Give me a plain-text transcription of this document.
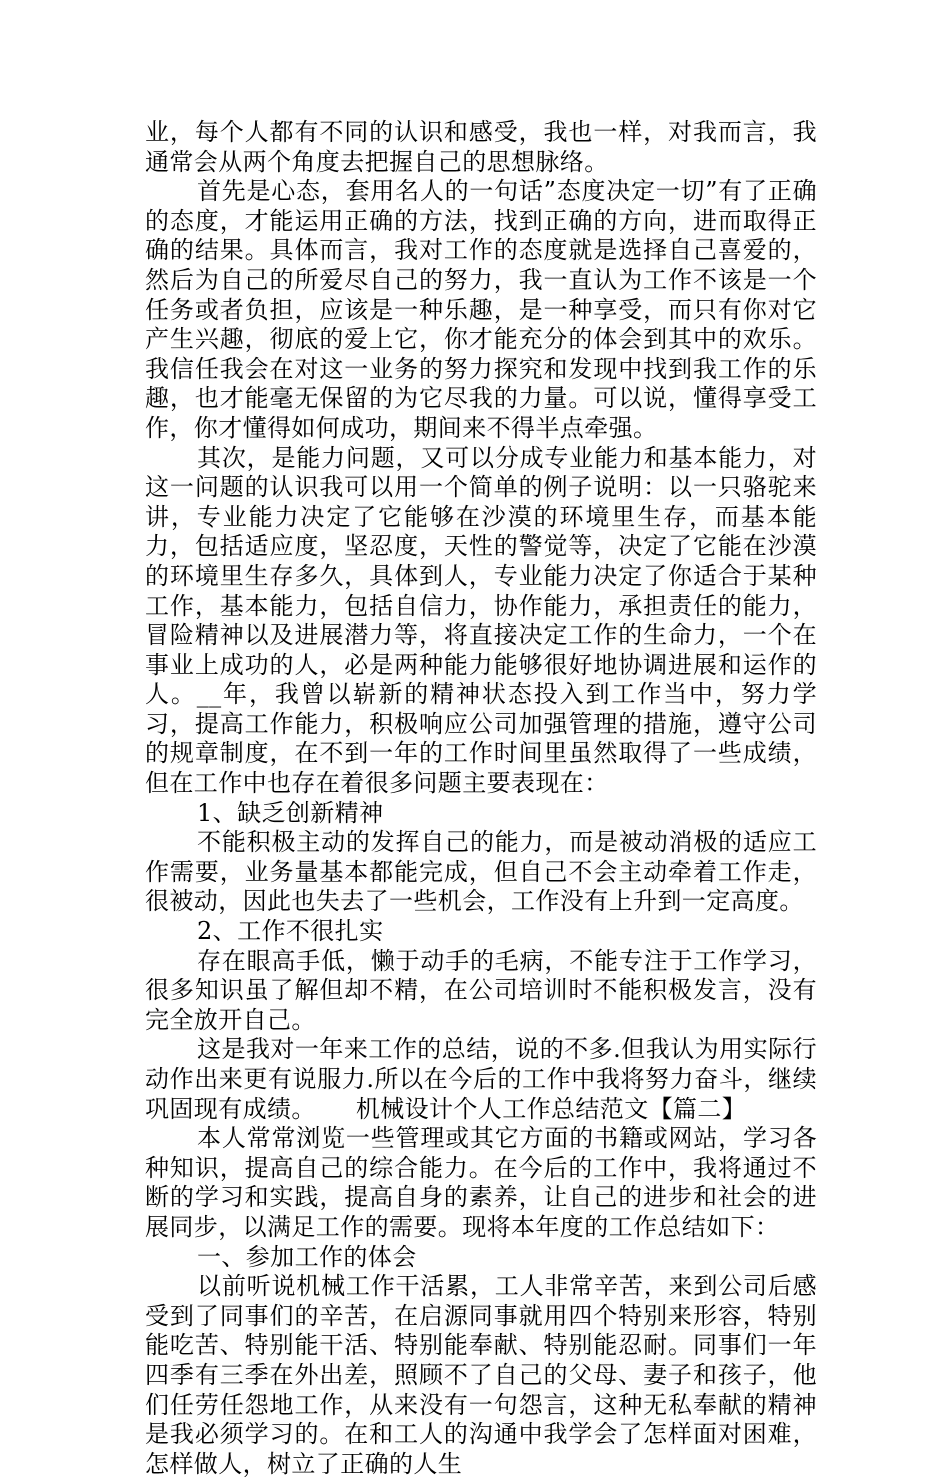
业，每个人都有不同的认识和感受，我也一样，对我而言，我通常会从两个角度去把握自己的思想脉络。

首先是心态，套用名人的一句话”态度决定一切”有了正确的态度，才能运用正确的方法，找到正确的方向，进而取得正确的结果。具体而言，我对工作的态度就是选择自己喜爱的，然后为自己的所爱尽自己的努力，我一直认为工作不该是一个任务或者负担，应该是一种乐趣，是一种享受，而只有你对它产生兴趣，彻底的爱上它，你才能充分的体会到其中的欢乐。我信任我会在对这一业务的努力探究和发现中找到我工作的乐趣，也才能毫无保留的为它尽我的力量。可以说，懂得享受工作，你才懂得如何成功，期间来不得半点牵强。

其次，是能力问题，又可以分成专业能力和基本能力，对这一问题的认识我可以用一个简单的例子说明：以一只骆驼来讲，专业能力决定了它能够在沙漠的环境里生存，而基本能力，包括适应度，坚忍度，天性的警觉等，决定了它能在沙漠的环境里生存多久，具体到人，专业能力决定了你适合于某种工作，基本能力，包括自信力，协作能力，承担责任的能力，冒险精神以及进展潜力等，将直接决定工作的生命力，一个在事业上成功的人，必是两种能力能够很好地协调进展和运作的人。__年，我曾以崭新的精神状态投入到工作当中，努力学习，提高工作能力，积极响应公司加强管理的措施，遵守公司的规章制度，在不到一年的工作时间里虽然取得了一些成绩，但在工作中也存在着很多问题主要表现在：

1、缺乏创新精神

不能积极主动的发挥自己的能力，而是被动消极的适应工作需要，业务量基本都能完成，但自己不会主动牵着工作走，很被动，因此也失去了一些机会，工作没有上升到一定高度。

2、工作不很扎实

存在眼高手低，懒于动手的毛病，不能专注于工作学习，很多知识虽了解但却不精，在公司培训时不能积极发言，没有完全放开自己。

这是我对一年来工作的总结，说的不多.但我认为用实际行动作出来更有说服力.所以在今后的工作中我将努力奋斗，继续巩固现有成绩。 机械设计个人工作总结范文【篇二】

本人常常浏览一些管理或其它方面的书籍或网站，学习各种知识，提高自己的综合能力。在今后的工作中，我将通过不断的学习和实践，提高自身的素养，让自己的进步和社会的进展同步，以满足工作的需要。现将本年度的工作总结如下：

一、参加工作的体会

以前听说机械工作干活累，工人非常辛苦，来到公司后感受到了同事们的辛苦，在启源同事就用四个特别来形容，特别能吃苦、特别能干活、特别能奉献、特别能忍耐。同事们一年四季有三季在外出差，照顾不了自己的父母、妻子和孩子，他们任劳任怨地工作，从来没有一句怨言，这种无私奉献的精神是我必须学习的。在和工人的沟通中我学会了怎样面对困难，怎样做人，树立了正确的人生
